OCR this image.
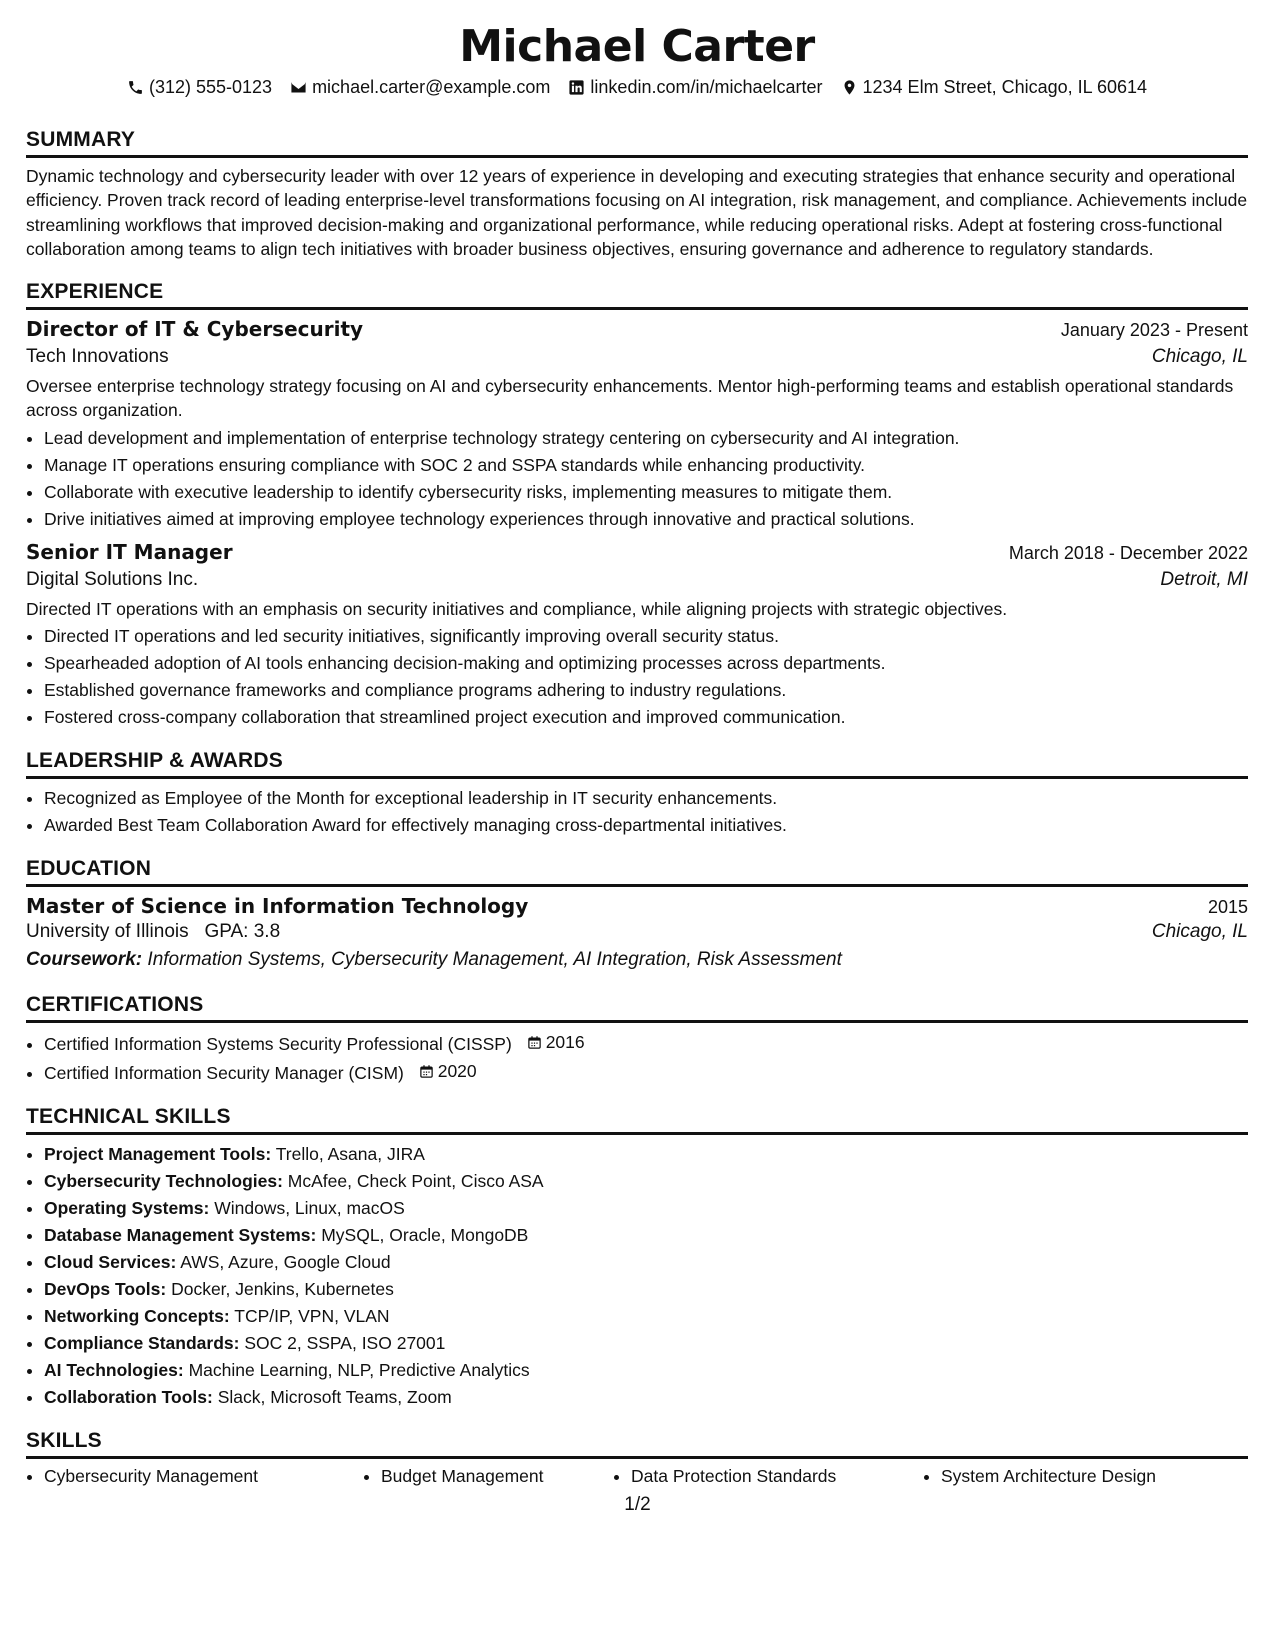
Michael Carter
(312) 555-0123 michael.carter@example.com linkedin.com/in/michaelcarter 1234 Elm Street, Chicago, IL 60614
SUMMARY
Dynamic technology and cybersecurity leader with over 12 years of experience in developing and executing strategies that enhance security and operational efficiency. Proven track record of leading enterprise-level transformations focusing on AI integration, risk management, and compliance. Achievements include streamlining workflows that improved decision-making and organizational performance, while reducing operational risks. Adept at fostering cross-functional collaboration among teams to align tech initiatives with broader business objectives, ensuring governance and adherence to regulatory standards.
EXPERIENCE
Director of IT & Cybersecurity	January 2023 - Present
Tech Innovations	Chicago, IL
Oversee enterprise technology strategy focusing on AI and cybersecurity enhancements. Mentor high-performing teams and establish operational standards across organization.
• Lead development and implementation of enterprise technology strategy centering on cybersecurity and AI integration.
• Manage IT operations ensuring compliance with SOC 2 and SSPA standards while enhancing productivity.
• Collaborate with executive leadership to identify cybersecurity risks, implementing measures to mitigate them.
• Drive initiatives aimed at improving employee technology experiences through innovative and practical solutions.
Senior IT Manager	March 2018 - December 2022
Digital Solutions Inc.	Detroit, MI
Directed IT operations with an emphasis on security initiatives and compliance, while aligning projects with strategic objectives.
• Directed IT operations and led security initiatives, significantly improving overall security status.
• Spearheaded adoption of AI tools enhancing decision-making and optimizing processes across departments.
• Established governance frameworks and compliance programs adhering to industry regulations.
• Fostered cross-company collaboration that streamlined project execution and improved communication.
LEADERSHIP & AWARDS
• Recognized as Employee of the Month for exceptional leadership in IT security enhancements.
• Awarded Best Team Collaboration Award for effectively managing cross-departmental initiatives.
EDUCATION
Master of Science in Information Technology	2015
University of Illinois GPA: 3.8	Chicago, IL
Coursework: Information Systems, Cybersecurity Management, AI Integration, Risk Assessment
CERTIFICATIONS
• Certified Information Systems Security Professional (CISSP) 2016
• Certified Information Security Manager (CISM) 2020
TECHNICAL SKILLS
• Project Management Tools: Trello, Asana, JIRA
• Cybersecurity Technologies: McAfee, Check Point, Cisco ASA
• Operating Systems: Windows, Linux, macOS
• Database Management Systems: MySQL, Oracle, MongoDB
• Cloud Services: AWS, Azure, Google Cloud
• DevOps Tools: Docker, Jenkins, Kubernetes
• Networking Concepts: TCP/IP, VPN, VLAN
• Compliance Standards: SOC 2, SSPA, ISO 27001
• AI Technologies: Machine Learning, NLP, Predictive Analytics
• Collaboration Tools: Slack, Microsoft Teams, Zoom
SKILLS
• Cybersecurity Management	• Budget Management	• Data Protection Standards	• System Architecture Design
1/2
